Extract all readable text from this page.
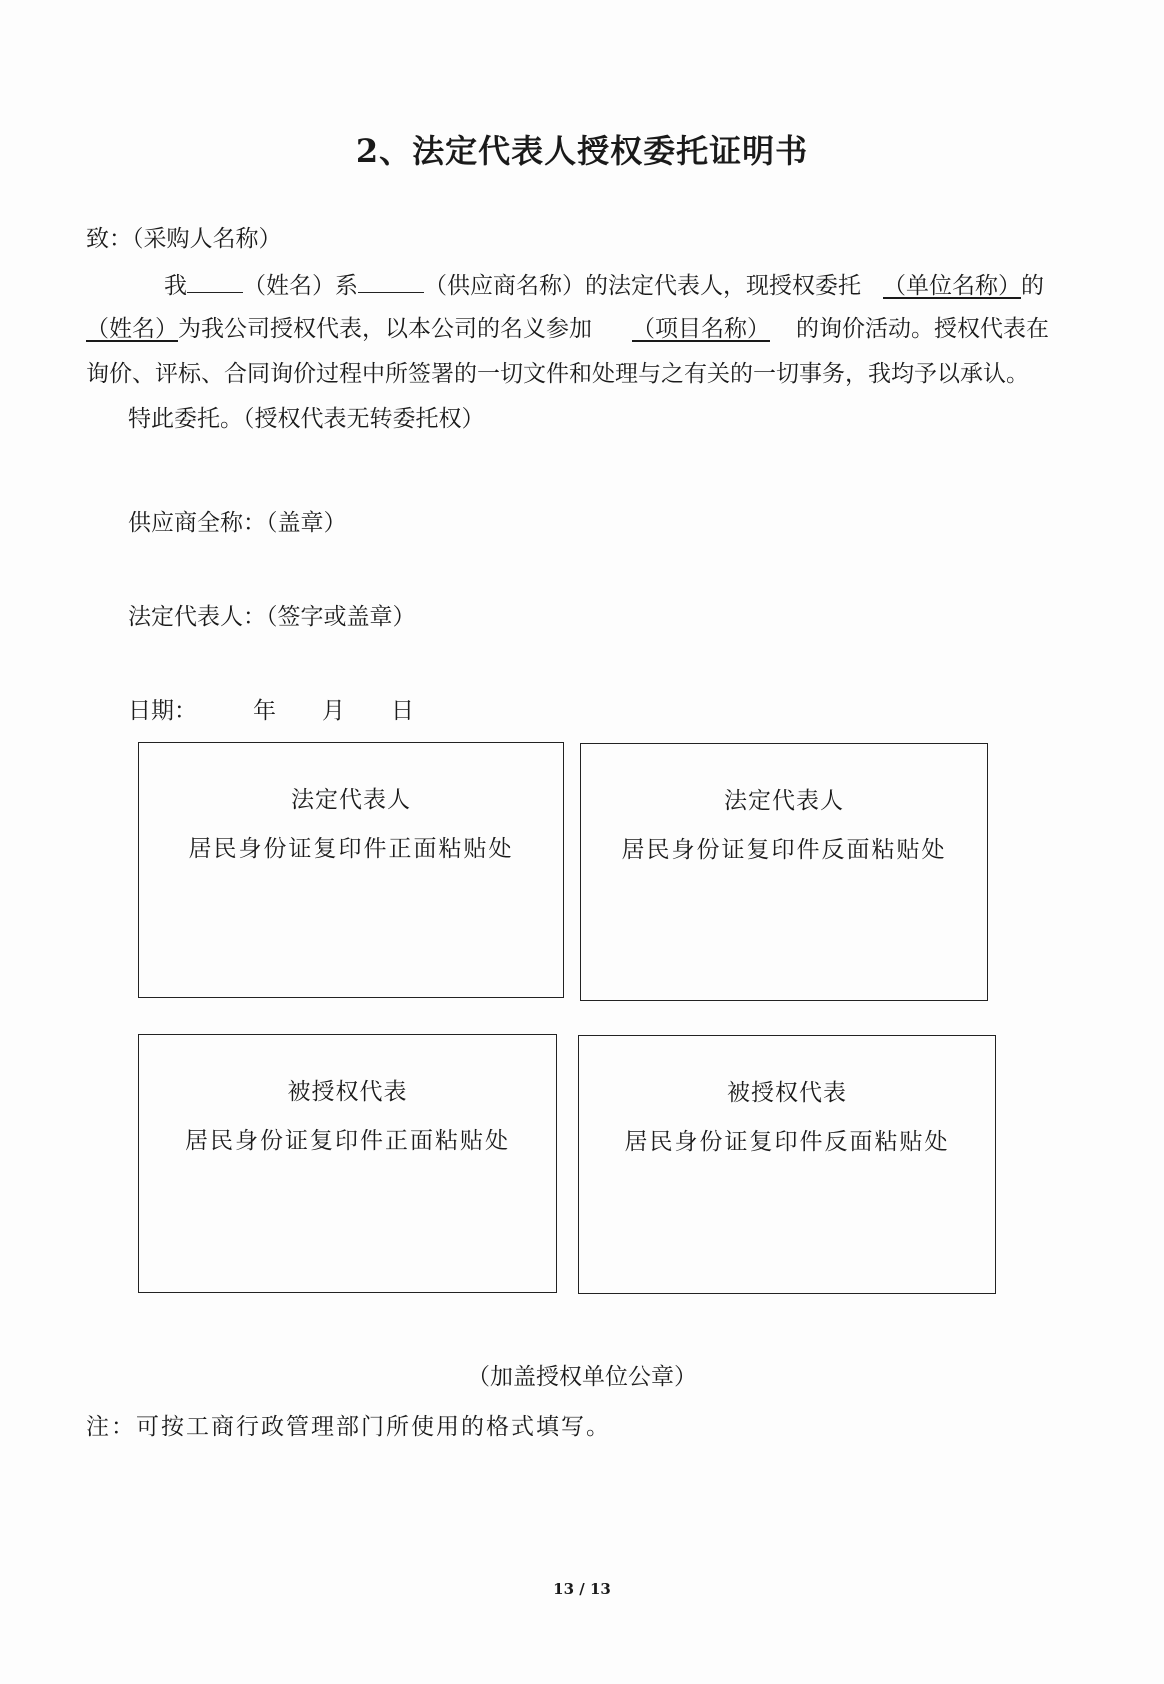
2、法定代表人授权委托证明书
致：（采购人名称）
我 （姓名）系	（供应商名称）的法定代表人，现授权委托 （单位名称）的
（姓名）为我公司授权代表，以本公司的名义参加 （项目名称） 的询价活动。授权代表在
询价、评标、合同询价过程中所签署的一切文件和处理与之有关的一切事务，我均予以承认。
特此委托。（授权代表无转委托权）
供应商全称：（盖章）
法定代表人：（签字或盖章）
日期： 年 月 日
法定代表人
居民身份证复印件正面粘贴处
法定代表人
居民身份证复印件反面粘贴处
被授权代表
居民身份证复印件正面粘贴处
被授权代表
居民身份证复印件反面粘贴处
（加盖授权单位公章）
注：可按工商行政管理部门所使用的格式填写。
13 / 13
